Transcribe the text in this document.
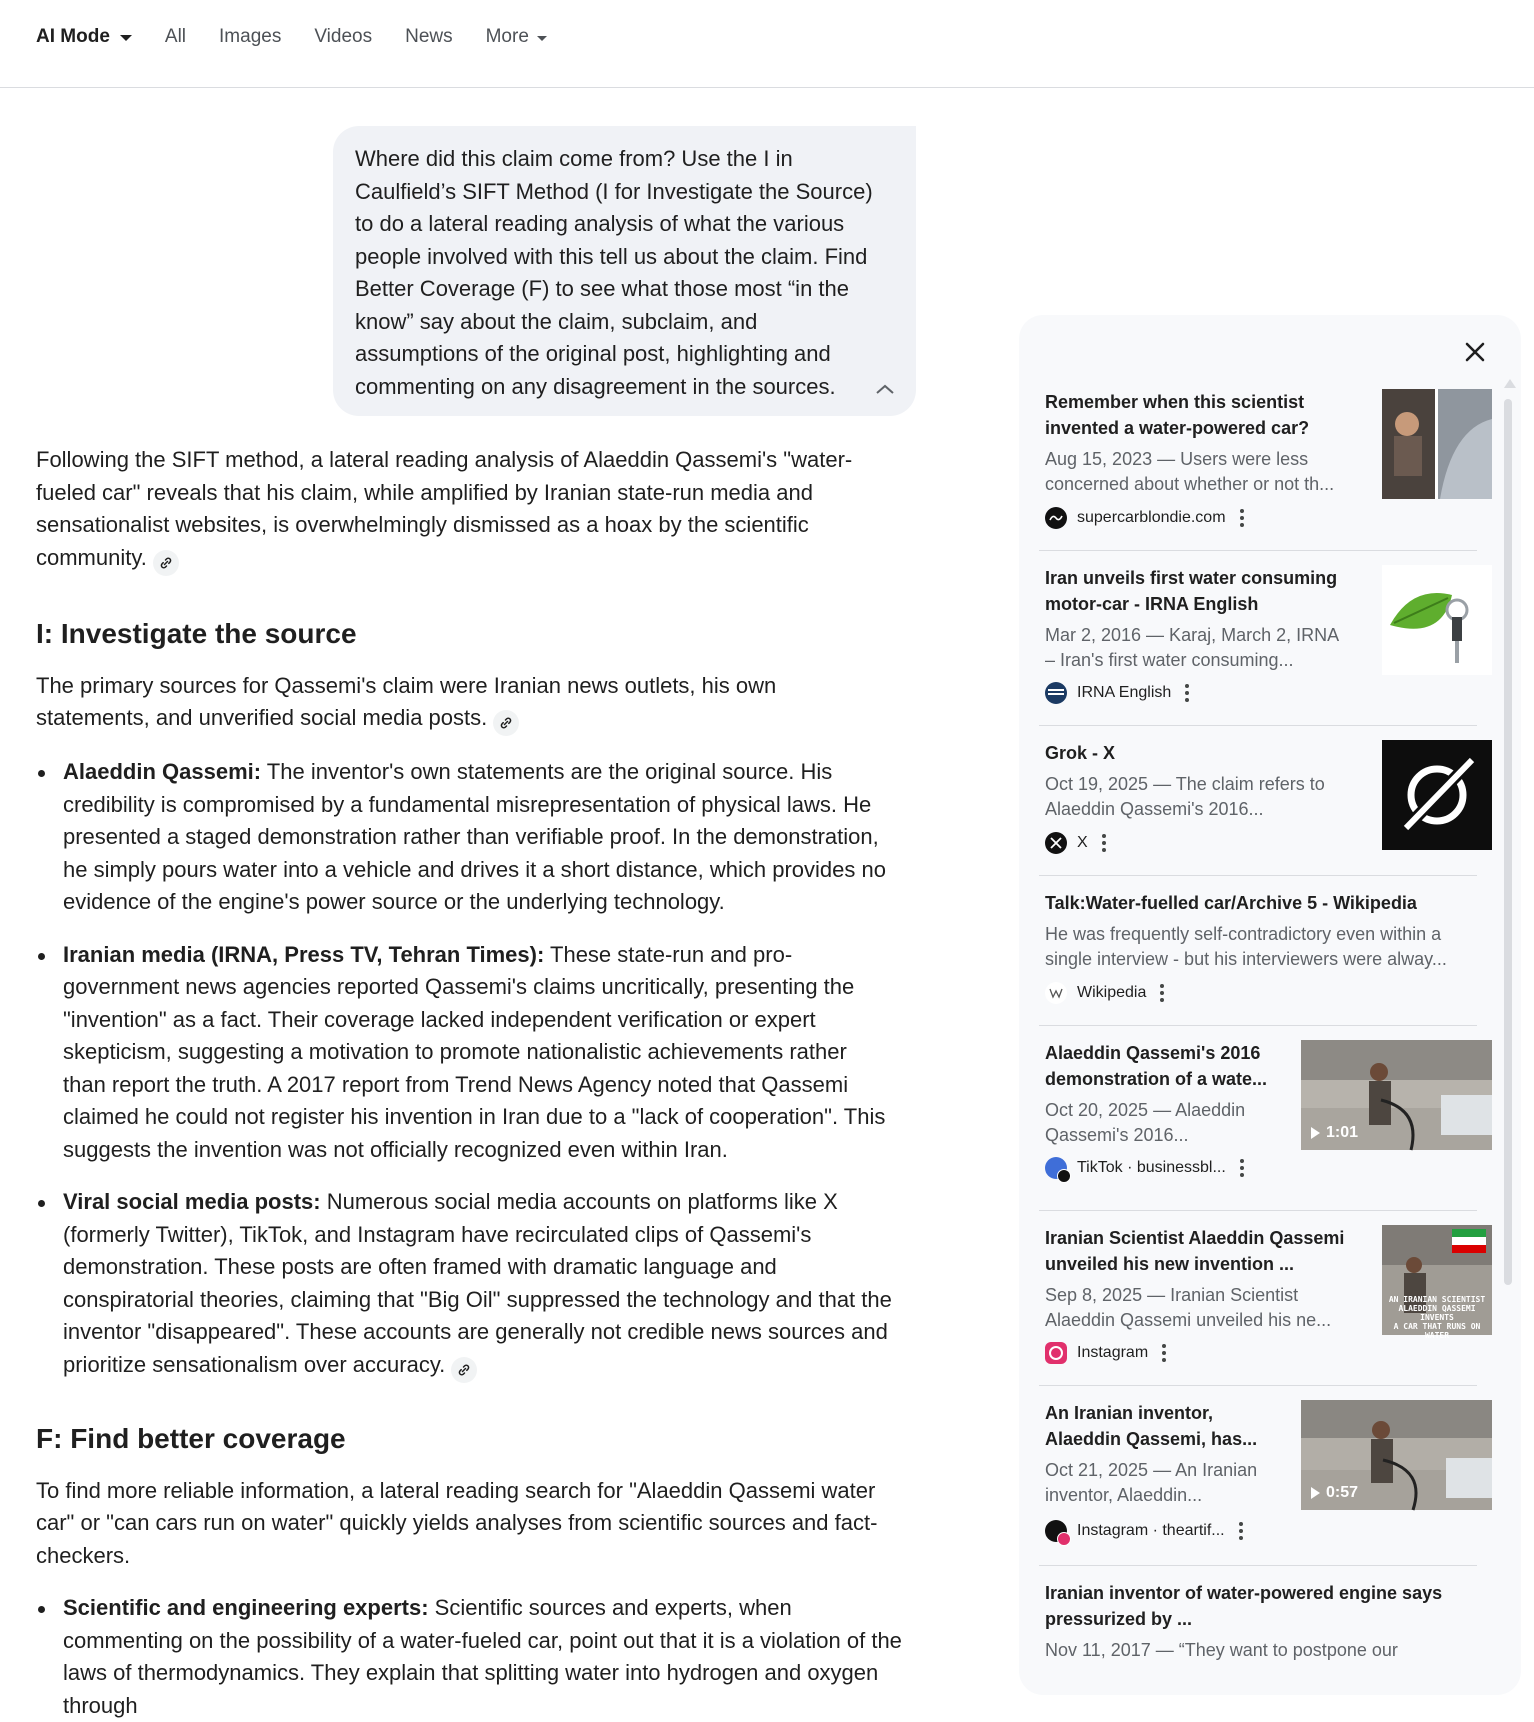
AI Mode	All Images Videos News More
Where did this claim come from? Use the I in Caulfield’s SIFT Method (I for Investigate the Source) to do a lateral reading analysis of what the various people involved with this tell us about the claim. Find Better Coverage (F) to see what those most “in the know” say about the claim, subclaim, and assumptions of the original post, highlighting and commenting on any disagreement in the sources.

Following the SIFT method, a lateral reading analysis of Alaeddin Qassemi's "water-fueled car" reveals that his claim, while amplified by Iranian state-run media and sensationalist websites, is overwhelmingly dismissed as a hoax by the scientific community.

I: Investigate the source

The primary sources for Qassemi's claim were Iranian news outlets, his own statements, and unverified social media posts.

Alaeddin Qassemi: The inventor's own statements are the original source. His credibility is compromised by a fundamental misrepresentation of physical laws. He presented a staged demonstration rather than verifiable proof. In the demonstration, he simply pours water into a vehicle and drives it a short distance, which provides no evidence of the engine's power source or the underlying technology.
Iranian media (IRNA, Press TV, Tehran Times): These state-run and pro-government news agencies reported Qassemi's claims uncritically, presenting the "invention" as a fact. Their coverage lacked independent verification or expert skepticism, suggesting a motivation to promote nationalistic achievements rather than report the truth. A 2017 report from Trend News Agency noted that Qassemi claimed he could not register his invention in Iran due to a "lack of cooperation". This suggests the invention was not officially recognized even within Iran.
Viral social media posts: Numerous social media accounts on platforms like X (formerly Twitter), TikTok, and Instagram have recirculated clips of Qassemi's demonstration. These posts are often framed with dramatic language and conspiratorial theories, claiming that "Big Oil" suppressed the technology and that the inventor "disappeared". These accounts are generally not credible news sources and prioritize sensationalism over accuracy.
F: Find better coverage

To find more reliable information, a lateral reading search for "Alaeddin Qassemi water car" or "can cars run on water" quickly yields analyses from scientific sources and fact-checkers.

Scientific and engineering experts: Scientific sources and experts, when commenting on the possibility of a water-fueled car, point out that it is a violation of the laws of thermodynamics. They explain that splitting water into hydrogen and oxygen through
Remember when this scientist
invented a water-powered car?
Aug 15, 2023 — Users were less
concerned about whether or not th...
supercarblondie.com
Iran unveils first water consuming
motor-car - IRNA English
Mar 2, 2016 — Karaj, March 2, IRNA
– Iran's first water consuming...
IRNA English
Grok - X
Oct 19, 2025 — The claim refers to
Alaeddin Qassemi's 2016...
X
Talk:Water-fuelled car/Archive 5 - Wikipedia
He was frequently self-contradictory even within a
single interview - but his interviewers were alway...
Wikipedia
Alaeddin Qassemi's 2016
demonstration of a wate...
Oct 20, 2025 — Alaeddin
Qassemi's 2016...
TikTok · businessbl...
1:01
Iranian Scientist Alaeddin Qassemi
unveiled his new invention ...
Sep 8, 2025 — Iranian Scientist
Alaeddin Qassemi unveiled his ne...
Instagram
AN IRANIAN SCIENTIST
ALAEDDIN QASSEMI INVENTS
A CAR THAT RUNS ON WATER
An Iranian inventor,
Alaeddin Qassemi, has...
Oct 21, 2025 — An Iranian
inventor, Alaeddin...
Instagram · theartif...
0:57
Iranian inventor of water-powered engine says
pressurized by ...
Nov 11, 2017 — “They want to postpone our
